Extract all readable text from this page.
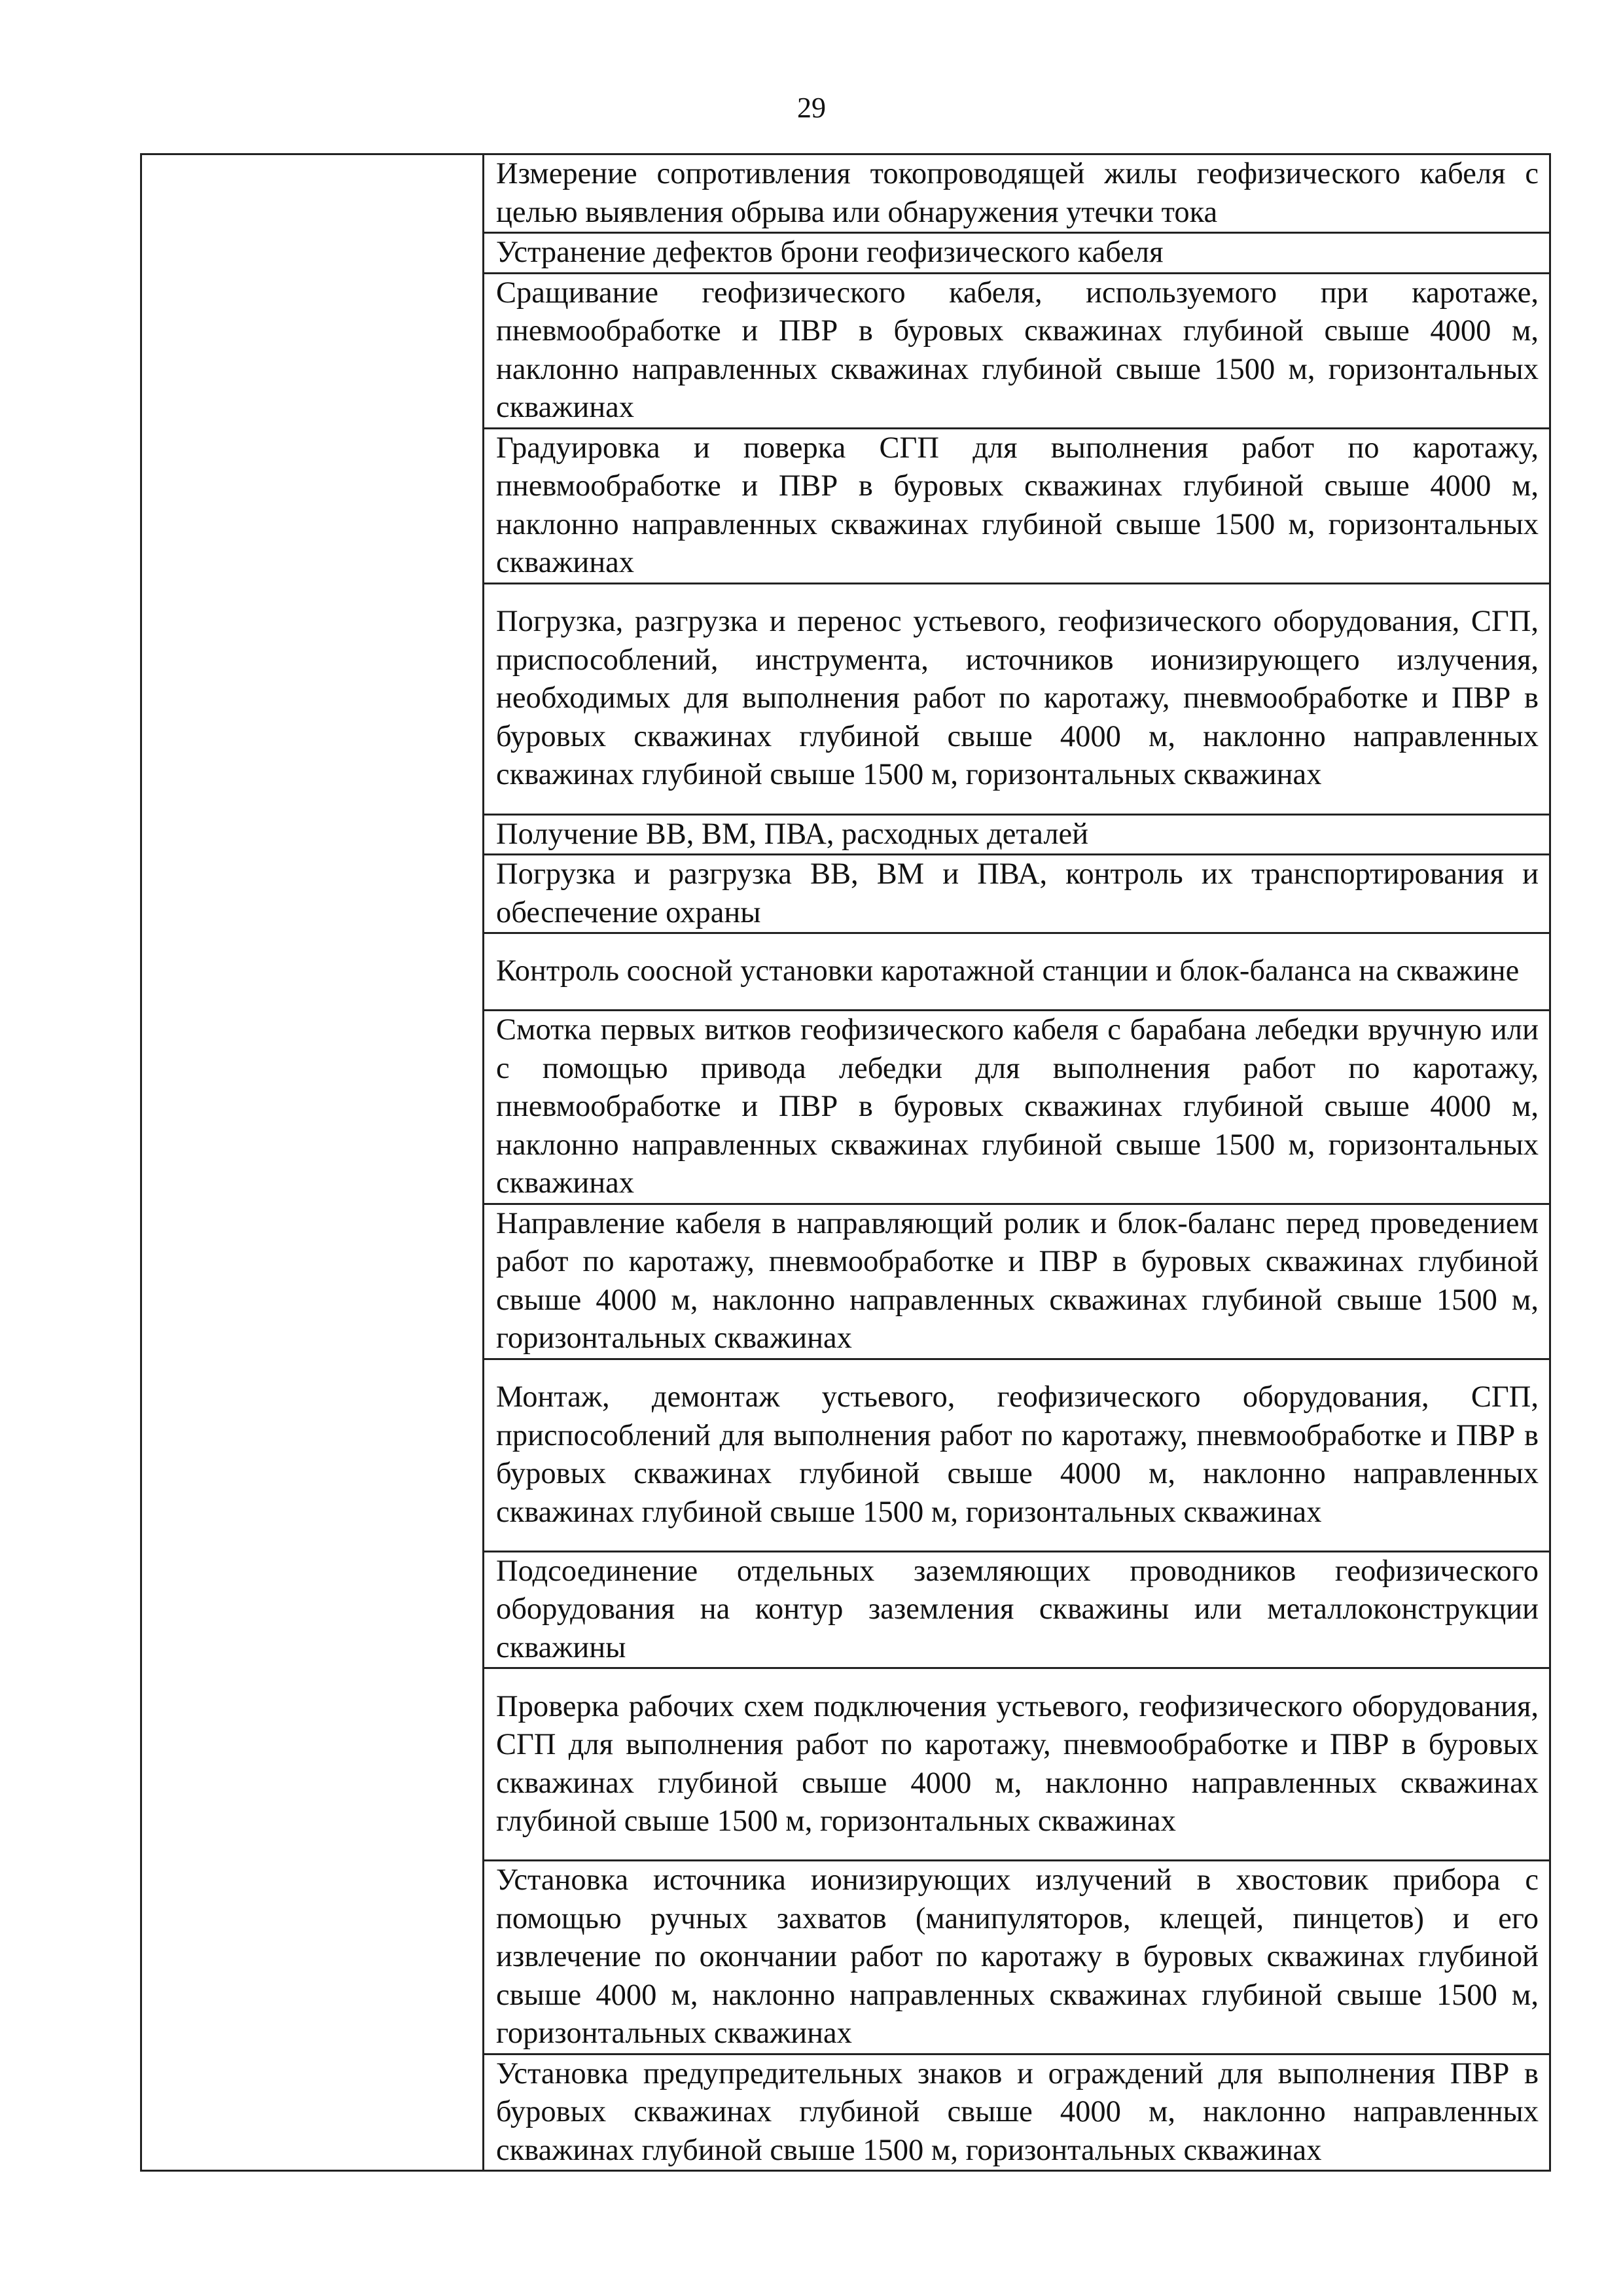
29

Измерение сопротивления токопроводящей жилы геофизического кабеля с целью выявления обрыва или обнаружения утечки тока

Устранение дефектов брони геофизического кабеля

Сращивание геофизического кабеля, используемого при каротаже, пневмообработке и ПВР в буровых скважинах глубиной свыше 4000 м, наклонно направленных скважинах глубиной свыше 1500 м, горизонтальных скважинах

Градуировка и поверка СГП для выполнения работ по каротажу, пневмообработке и ПВР в буровых скважинах глубиной свыше 4000 м, наклонно направленных скважинах глубиной свыше 1500 м, горизонтальных скважинах

Погрузка, разгрузка и перенос устьевого, геофизического оборудования, СГП, приспособлений, инструмента, источников ионизирующего излучения, необходимых для выполнения работ по каротажу, пневмообработке и ПВР в буровых скважинах глубиной свыше 4000 м, наклонно направленных скважинах глубиной свыше 1500 м, горизонтальных скважинах

Получение ВВ, ВМ, ПВА, расходных деталей

Погрузка и разгрузка ВВ, ВМ и ПВА, контроль их транспортирования и обеспечение охраны

Контроль соосной установки каротажной станции и блок-баланса на скважине

Смотка первых витков геофизического кабеля с барабана лебедки вручную или с помощью привода лебедки для выполнения работ по каротажу, пневмообработке и ПВР в буровых скважинах глубиной свыше 4000 м, наклонно направленных скважинах глубиной свыше 1500 м, горизонтальных скважинах

Направление кабеля в направляющий ролик и блок-баланс перед проведением работ по каротажу, пневмообработке и ПВР в буровых скважинах глубиной свыше 4000 м, наклонно направленных скважинах глубиной свыше 1500 м, горизонтальных скважинах

Монтаж, демонтаж устьевого, геофизического оборудования, СГП, приспособлений для выполнения работ по каротажу, пневмообработке и ПВР в буровых скважинах глубиной свыше 4000 м, наклонно направленных скважинах глубиной свыше 1500 м, горизонтальных скважинах

Подсоединение отдельных заземляющих проводников геофизического оборудования на контур заземления скважины или металлоконструкции скважины

Проверка рабочих схем подключения устьевого, геофизического оборудования, СГП для выполнения работ по каротажу, пневмообработке и ПВР в буровых скважинах глубиной свыше 4000 м, наклонно направленных скважинах глубиной свыше 1500 м, горизонтальных скважинах

Установка источника ионизирующих излучений в хвостовик прибора с помощью ручных захватов (манипуляторов, клещей, пинцетов) и его извлечение по окончании работ по каротажу в буровых скважинах глубиной свыше 4000 м, наклонно направленных скважинах глубиной свыше 1500 м, горизонтальных скважинах

Установка предупредительных знаков и ограждений для выполнения ПВР в буровых скважинах глубиной свыше 4000 м, наклонно направленных скважинах глубиной свыше 1500 м, горизонтальных скважинах
